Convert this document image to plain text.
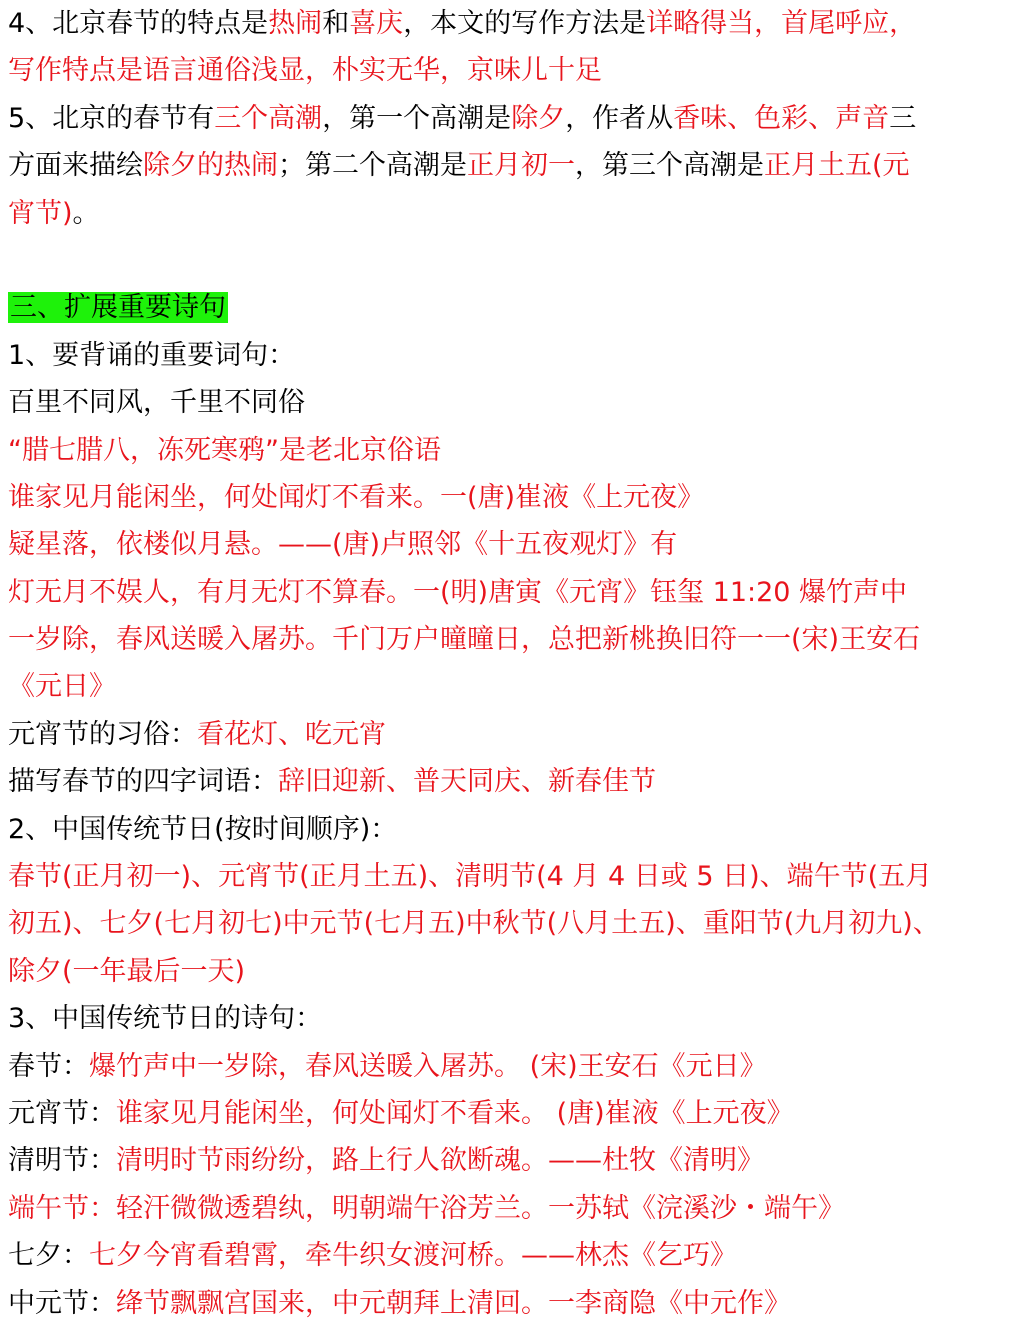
4、北京春节的特点是热闹和喜庆，本文的写作方法是详略得当，首尾呼应，
写作特点是语言通俗浅显，朴实无华，京味儿十足
5、北京的春节有三个高潮，第一个高潮是除夕，作者从香味、色彩、声音三
方面来描绘除夕的热闹；第二个高潮是正月初一，第三个高潮是正月土五(元
宵节)。
三、扩展重要诗句
1、要背诵的重要词句：
百里不同风，千里不同俗
“腊七腊八，冻死寒鸦”是老北京俗语
谁家见月能闲坐，何处闻灯不看来。一(唐)崔液《上元夜》
疑星落，依楼似月悬。——(唐)卢照邻《十五夜观灯》有
灯无月不娱人，有月无灯不算春。一(明)唐寅《元宵》钰玺 11:20 爆竹声中
一岁除，春风送暖入屠苏。千门万户曈曈日，总把新桃换旧符一一(宋)王安石
《元日》
元宵节的习俗：看花灯、吃元宵
描写春节的四字词语：辞旧迎新、普天同庆、新春佳节
2、中国传统节日(按时间顺序)：
春节(正月初一)、元宵节(正月土五)、清明节(4 月 4 日或 5 日)、端午节(五月
初五)、七夕(七月初七)中元节(七月五)中秋节(八月土五)、重阳节(九月初九)、
除夕(一年最后一天)
3、中国传统节日的诗句：
春节：爆竹声中一岁除，春风送暖入屠苏。 (宋)王安石《元日》
元宵节：谁家见月能闲坐，何处闻灯不看来。 (唐)崔液《上元夜》
清明节：清明时节雨纷纷，路上行人欲断魂。——杜牧《清明》
端午节：轻汗微微透碧纨，明朝端午浴芳兰。一苏轼《浣溪沙・端午》
七夕：七夕今宵看碧霄，牵牛织女渡河桥。——林杰《乞巧》
中元节：绛节飘飘宫国来，中元朝拜上清回。一李商隐《中元作》
